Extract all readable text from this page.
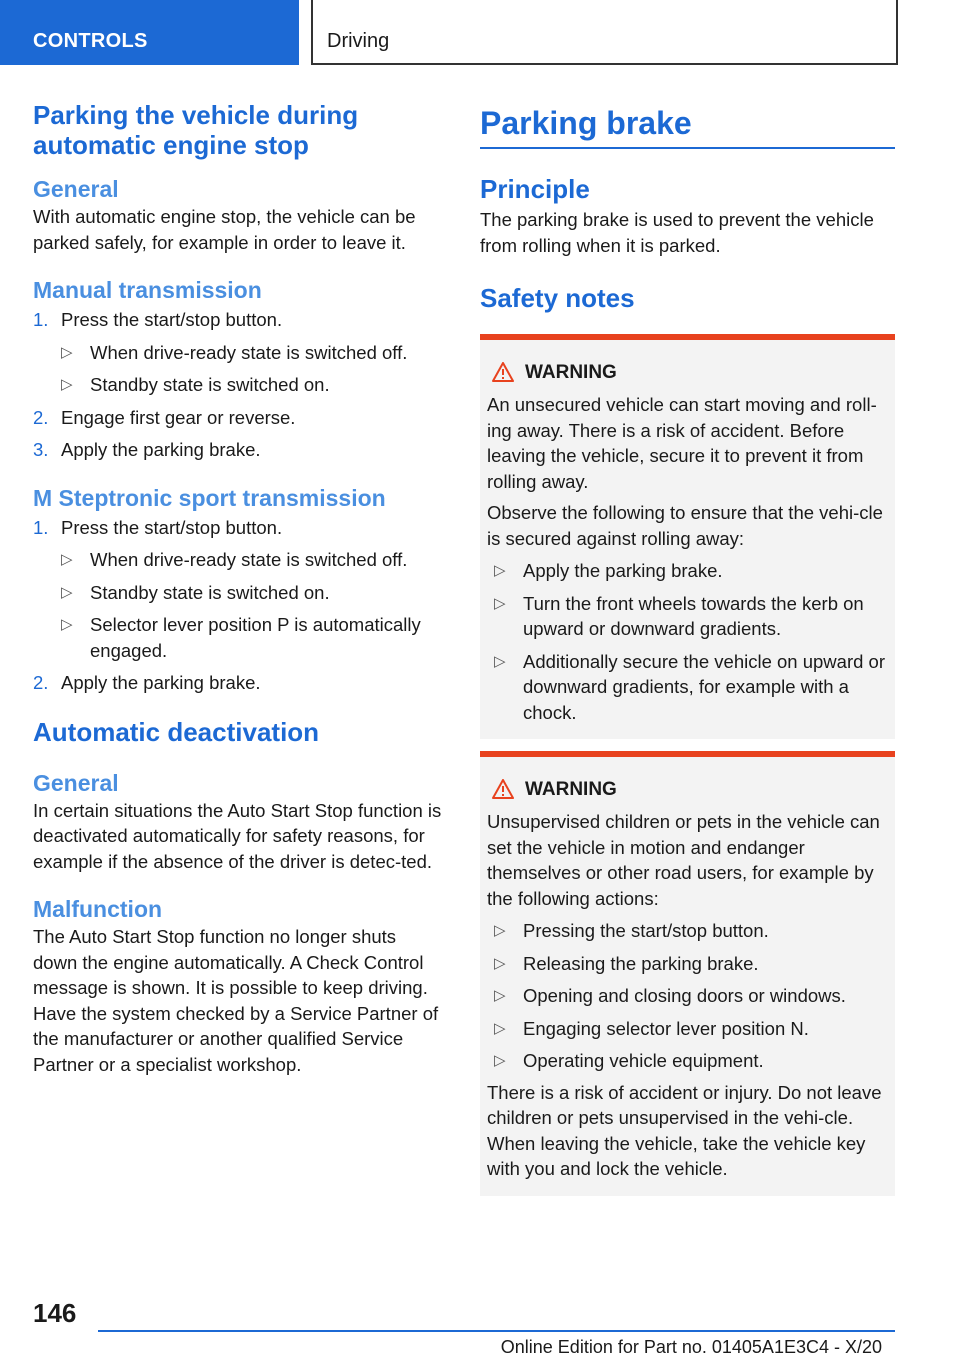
CONTROLS	Driving
Parking the vehicle during automatic engine stop
General

With automatic engine stop, the vehicle can be parked safely, for example in order to leave it.

Manual transmission
1. Press the start/stop button.
▷ When drive-ready state is switched off.
▷ Standby state is switched on.
2. Engage first gear or reverse.
3. Apply the parking brake.
M Steptronic sport transmission
1. Press the start/stop button.
▷ When drive-ready state is switched off.
▷ Standby state is switched on.
▷ Selector lever position P is automatically engaged.
2. Apply the parking brake.
Automatic deactivation
General

In certain situations the Auto Start Stop function is deactivated automatically for safety reasons, for example if the absence of the driver is detec-ted.

Malfunction

The Auto Start Stop function no longer shuts down the engine automatically. A Check Control message is shown. It is possible to keep driving. Have the system checked by a Service Partner of the manufacturer or another qualified Service Partner or a specialist workshop.

Parking brake
Principle

The parking brake is used to prevent the vehicle from rolling when it is parked.

Safety notes
WARNING

An unsecured vehicle can start moving and roll-ing away. There is a risk of accident. Before leaving the vehicle, secure it to prevent it from rolling away.

Observe the following to ensure that the vehi-cle is secured against rolling away:

▷ Apply the parking brake.
▷ Turn the front wheels towards the kerb on upward or downward gradients.
▷ Additionally secure the vehicle on upward or downward gradients, for example with a chock.
WARNING

Unsupervised children or pets in the vehicle can set the vehicle in motion and endanger themselves or other road users, for example by the following actions:

▷ Pressing the start/stop button.
▷ Releasing the parking brake.
▷ Opening and closing doors or windows.
▷ Engaging selector lever position N.
▷ Operating vehicle equipment.

There is a risk of accident or injury. Do not leave children or pets unsupervised in the vehi-cle. When leaving the vehicle, take the vehicle key with you and lock the vehicle.

146
Online Edition for Part no. 01405A1E3C4 - X/20
